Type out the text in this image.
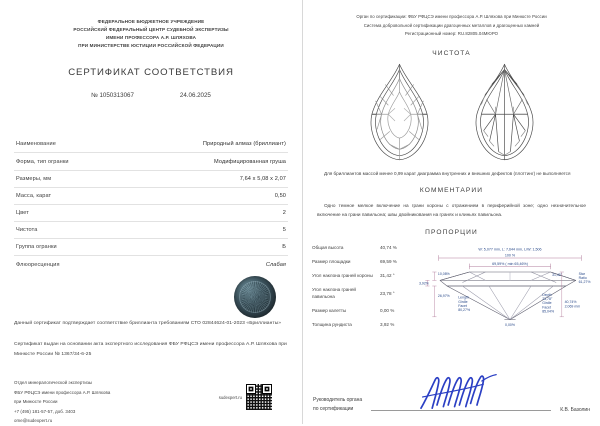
ФЕДЕРАЛЬНОЕ БЮДЖЕТНОЕ УЧРЕЖДЕНИЕ
РОССИЙСКИЙ ФЕДЕРАЛЬНЫЙ ЦЕНТР СУДЕБНОЙ ЭКСПЕРТИЗЫ
ИМЕНИ ПРОФЕССОРА А.Р. ШЛЯХОВА
ПРИ МИНИСТЕРСТВЕ ЮСТИЦИИ РОССИЙСКОЙ ФЕДЕРАЦИИ
СЕРТИФИКАТ СООТВЕТСТВИЯ
№ 1050313067	24.06.2025
Наименование	Природный алмаз (бриллиант)
Форма, тип огранки	Модифицированная груша
Размеры, мм	7,64 x 5,08 x 2,07
Масса, карат	0,50
Цвет	2
Чистота	5
Группа огранки	Б
Флюоресценция	Слабая
Данный сертификат подтверждает соответствие бриллианта требованиям СТО 02844624-01-2023 «Бриллианты»
Сертификат выдан на основании акта экспертного исследования ФБУ РФЦСЭ имени профессора А.Р. Шляхова при Минюсте России № 1367/34-6-25
Отдел минералогической экспертизы
ФБУ РФЦСЭ имени профессора А.Р. Шляхова
при Минюсте России
+7 (495) 181-57-57, доб. 3403
ome@sudexpert.ru
sudexpert.ru
Орган по сертификации: ФБУ РФЦСЭ имени профессора А.Р. Шляхова при Минюсте России
Система добровольной сертификации драгоценных металлов и драгоценных камней
Регистрационный номер: RU.82805.04МЮРО
ЧИСТОТА
Для бриллиантов массой менее 0,99 карат диаграмма внутренних и внешних дефектов (плоттинг) не выполняется
КОММЕНТАРИИ
Одно темное мелкое включение на грани короны с отражением в периферийной зоне; одно незначительное включение на грани павильона; швы двойникования на гранях и клиньях павильона.
ПРОПОРЦИИ
Общая высота	40,74 %
Размер площадки	69,59 %
Угол наклона граней короны	31,42 °
Угол наклона граней павильона	23,78 °
Размер калетты	0,00 %
Толщина рундиста	3,92 %
W: 5,077 mm, L: 7,644 mm, L/W: 1,506
100 %
69,59% ( min 65,46%)
10,08%
3,92%
26,97% Length
Girdle
Facet
80,27%
0,00%
31,42°
Depth
23,78°
Girdle
Facet
85,04%
Star
Ratio
61,27%
40,74%
2,069 mm
Руководитель органа
по сертификации	К.В. Базолин
